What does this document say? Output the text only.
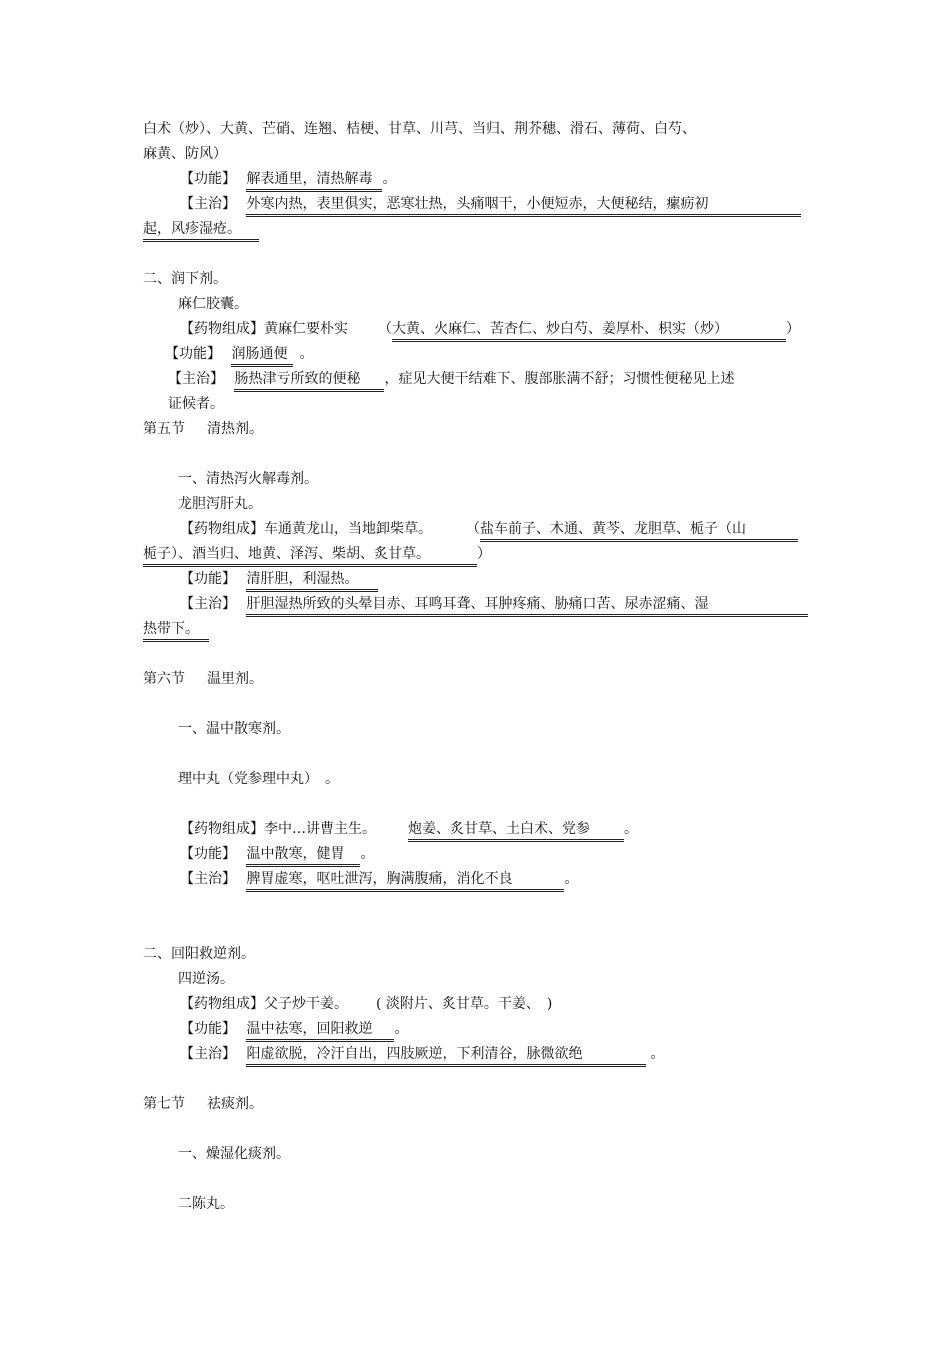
白术（炒）、大黄、芒硝、连翘、桔梗、甘草、川芎、当归、荆芥穗、滑石、薄荷、白芍、
麻黄、防风）
【功能】 解表通里，清热解毒 。
【主治】 外寒内热，表里俱实，恶寒壮热，头痛咽干，小便短赤，大便秘结，瘰疬初
起，风疹湿疮。
二、润下剂。
麻仁胶囊。
【药物组成】黄麻仁要朴实 （大黄、火麻仁、苦杏仁、炒白芍、姜厚朴、枳实（炒）	）
【功能】 润肠通便 。
【主治】 肠热津亏所致的便秘 ，症见大便干结难下、腹部胀满不舒；习惯性便秘见上述
证候者。
第五节 清热剂。
一、清热泻火解毒剂。
龙胆泻肝丸。
【药物组成】车通黄龙山，当地卸柴草。 （盐车前子、木通、黄芩、龙胆草、栀子（山
栀子）、酒当归、地黄、泽泻、柴胡、炙甘草。	）
【功能】 清肝胆，利湿热。
【主治】 肝胆湿热所致的头晕目赤、耳鸣耳聋、耳肿疼痛、胁痛口苦、尿赤涩痛、湿
热带下。
第六节 温里剂。
一、温中散寒剂。
理中丸（党参理中丸）　。
【药物组成】李中…讲曹主生。 炮姜、炙甘草、土白术、党参 。
【功能】 温中散寒，健胃 。
【主治】 脾胃虚寒，呕吐泄泻，胸满腹痛，消化不良	。
二、回阳救逆剂。
四逆汤。
【药物组成】父子炒干姜。 ( 淡附片、炙甘草。干姜、　)
【功能】 温中祛寒，回阳救逆 。
【主治】 阳虚欲脱，冷汗自出，四肢厥逆，下利清谷，脉微欲绝	。
第七节 祛痰剂。
一、燥湿化痰剂。
二陈丸。
